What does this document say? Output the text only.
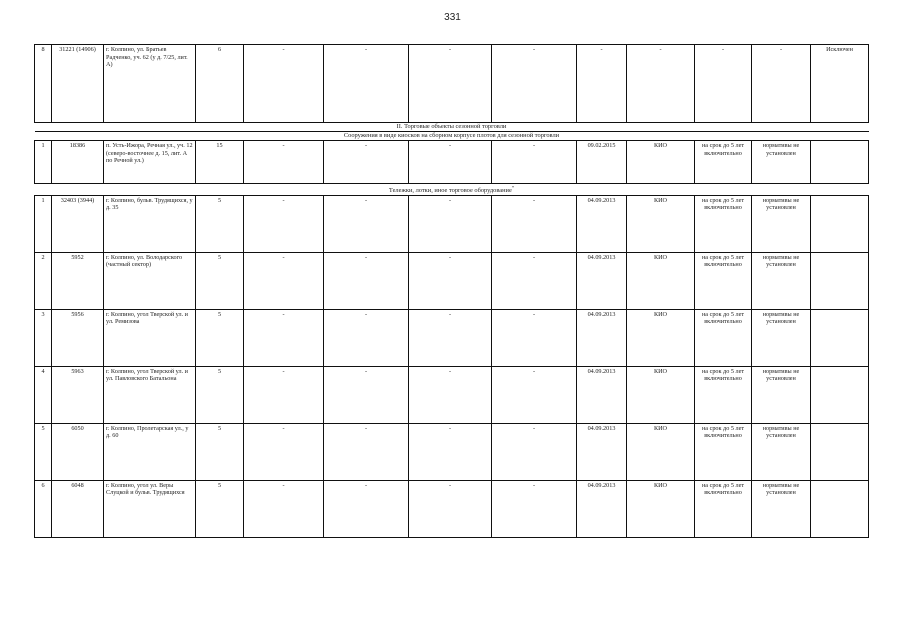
331
8	31221 (14906)	г. Колпино, ул. Братьев Радченко, уч. 62 (у д. 7/25, лит. А)	6	-	-	-	-	-	-	-	-	Исключен
II. Торговые объекты сезонной торговли												
Сооружения в виде киосков на сборном корпусе плотов для сезонной торговли												
1	18386	п. Усть-Ижора, Речная ул., уч. 12 (северо-восточнее д. 15, лит. А по Речной ул.)	15	-	-	-	-	09.02.2015	КИО	на срок до 5 лет включительно	нормативы не установлен	
Тележки, лотки, иное торговое оборудование*
1	32403 (3944)	г. Колпино, бульв. Трудящихся, у д. 35	5	-	-	-	-	04.09.2013	КИО	на срок до 5 лет включительно	нормативы не установлен	
2	5952	г. Колпино, ул. Володарского (частный сектор)	5	-	-	-	-	04.09.2013	КИО	на срок до 5 лет включительно	нормативы не установлен	
3	5956	г. Колпино, угол Тверской ул. и ул. Ремизова	5	-	-	-	-	04.09.2013	КИО	на срок до 5 лет включительно	нормативы не установлен	
4	5963	г. Колпино, угол Тверской ул. и ул. Павловского Батальона	5	-	-	-	-	04.09.2013	КИО	на срок до 5 лет включительно	нормативы не установлен	
5	6050	г. Колпино, Пролетарская ул., у д. 60	5	-	-	-	-	04.09.2013	КИО	на срок до 5 лет включительно	нормативы не установлен	
6	6048	г. Колпино, угол ул. Веры Слуцкой и бульв. Трудящихся	5	-	-	-	-	04.09.2013	КИО	на срок до 5 лет включительно	нормативы не установлен	
